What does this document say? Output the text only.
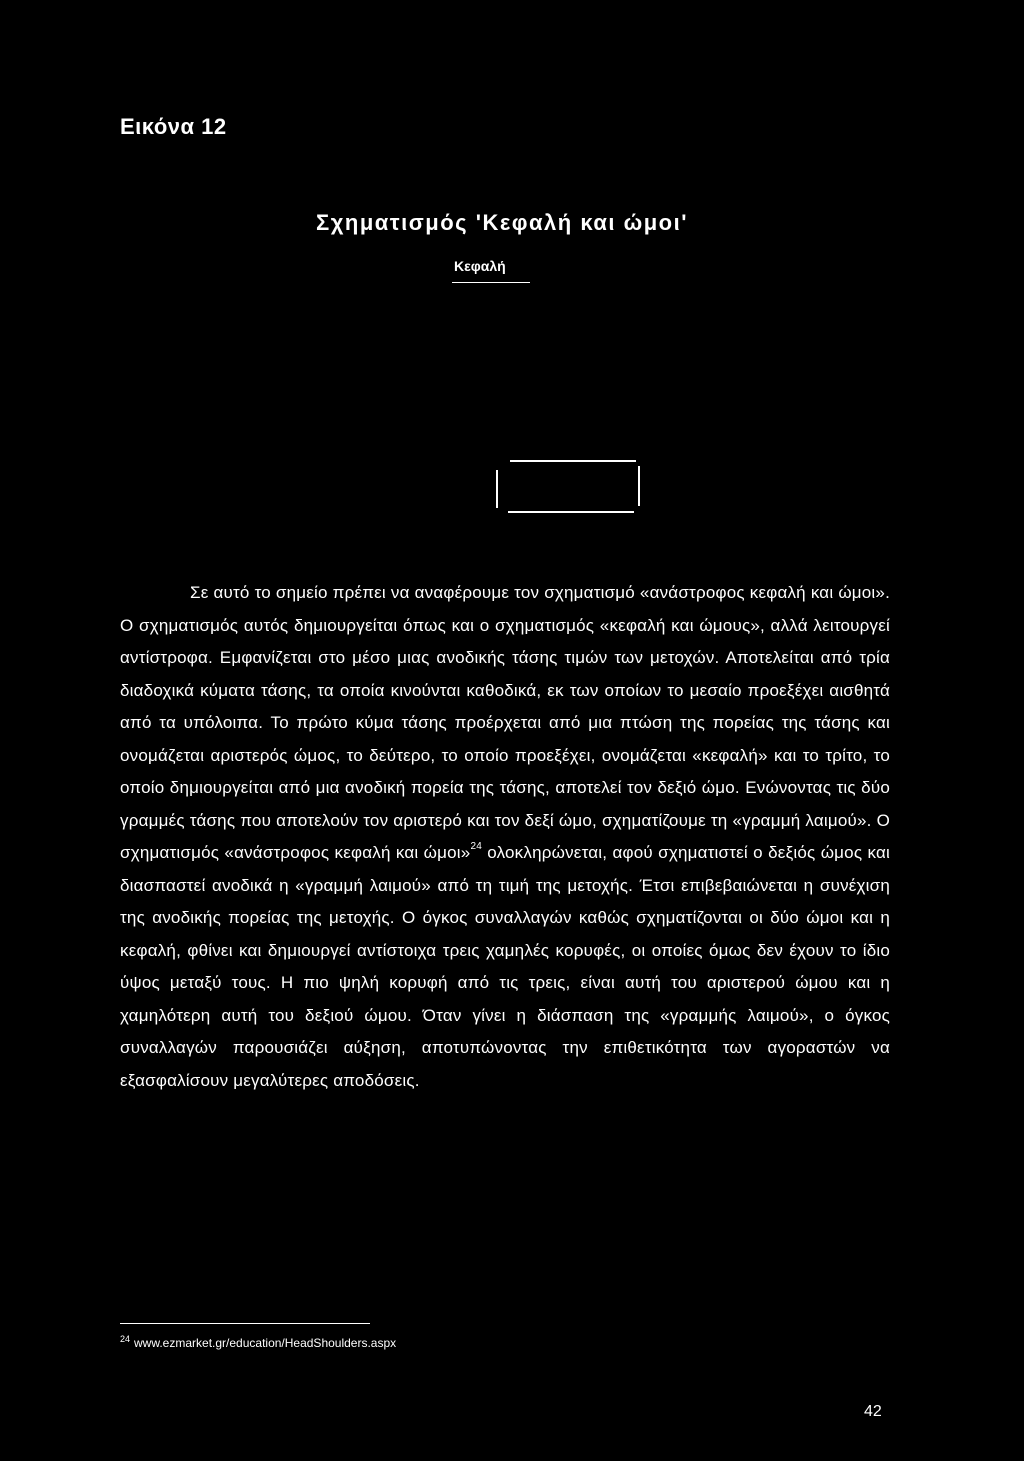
Εικόνα 12
Σχηματισμός 'Κεφαλή και ώμοι'
Κεφαλή

Σε αυτό το σημείο πρέπει να αναφέρουμε τον σχηματισμό «ανάστροφος κεφαλή και ώμοι». Ο σχηματισμός αυτός δημιουργείται όπως και ο σχηματισμός «κεφαλή και ώμους», αλλά λειτουργεί αντίστροφα. Εμφανίζεται στο μέσο μιας ανοδικής τάσης τιμών των μετοχών. Αποτελείται από τρία διαδοχικά κύματα τάσης, τα οποία κινούνται καθοδικά, εκ των οποίων το μεσαίο προεξέχει αισθητά από τα υπόλοιπα. Το πρώτο κύμα τάσης προέρχεται από μια πτώση της πορείας της τάσης και ονομάζεται αριστερός ώμος, το δεύτερο, το οποίο προεξέχει, ονομάζεται «κεφαλή» και το τρίτο, το οποίο δημιουργείται από μια ανοδική πορεία της τάσης, αποτελεί τον δεξιό ώμο. Ενώνοντας τις δύο γραμμές τάσης που αποτελούν τον αριστερό και τον δεξί ώμο, σχηματίζουμε τη «γραμμή λαιμού». Ο σχηματισμός «ανάστροφος κεφαλή και ώμοι»$^{24}$ ολοκληρώνεται, αφού σχηματιστεί ο δεξιός ώμος και διασπαστεί ανοδικά η «γραμμή λαιμού» από τη τιμή της μετοχής. Έτσι επιβεβαιώνεται η συνέχιση της ανοδικής πορείας της μετοχής. Ο όγκος συναλλαγών καθώς σχηματίζονται οι δύο ώμοι και η κεφαλή, φθίνει και δημιουργεί αντίστοιχα τρεις χαμηλές κορυφές, οι οποίες όμως δεν έχουν το ίδιο ύψος μεταξύ τους. Η πιο ψηλή κορυφή από τις τρεις, είναι αυτή του αριστερού ώμου και η χαμηλότερη αυτή του δεξιού ώμου. Όταν γίνει η διάσπαση της «γραμμής λαιμού», ο όγκος συναλλαγών παρουσιάζει αύξηση, αποτυπώνοντας την επιθετικότητα των αγοραστών να εξασφαλίσουν μεγαλύτερες αποδόσεις.

$^{24}$ www.ezmarket.gr/education/HeadShoulders.aspx
42
